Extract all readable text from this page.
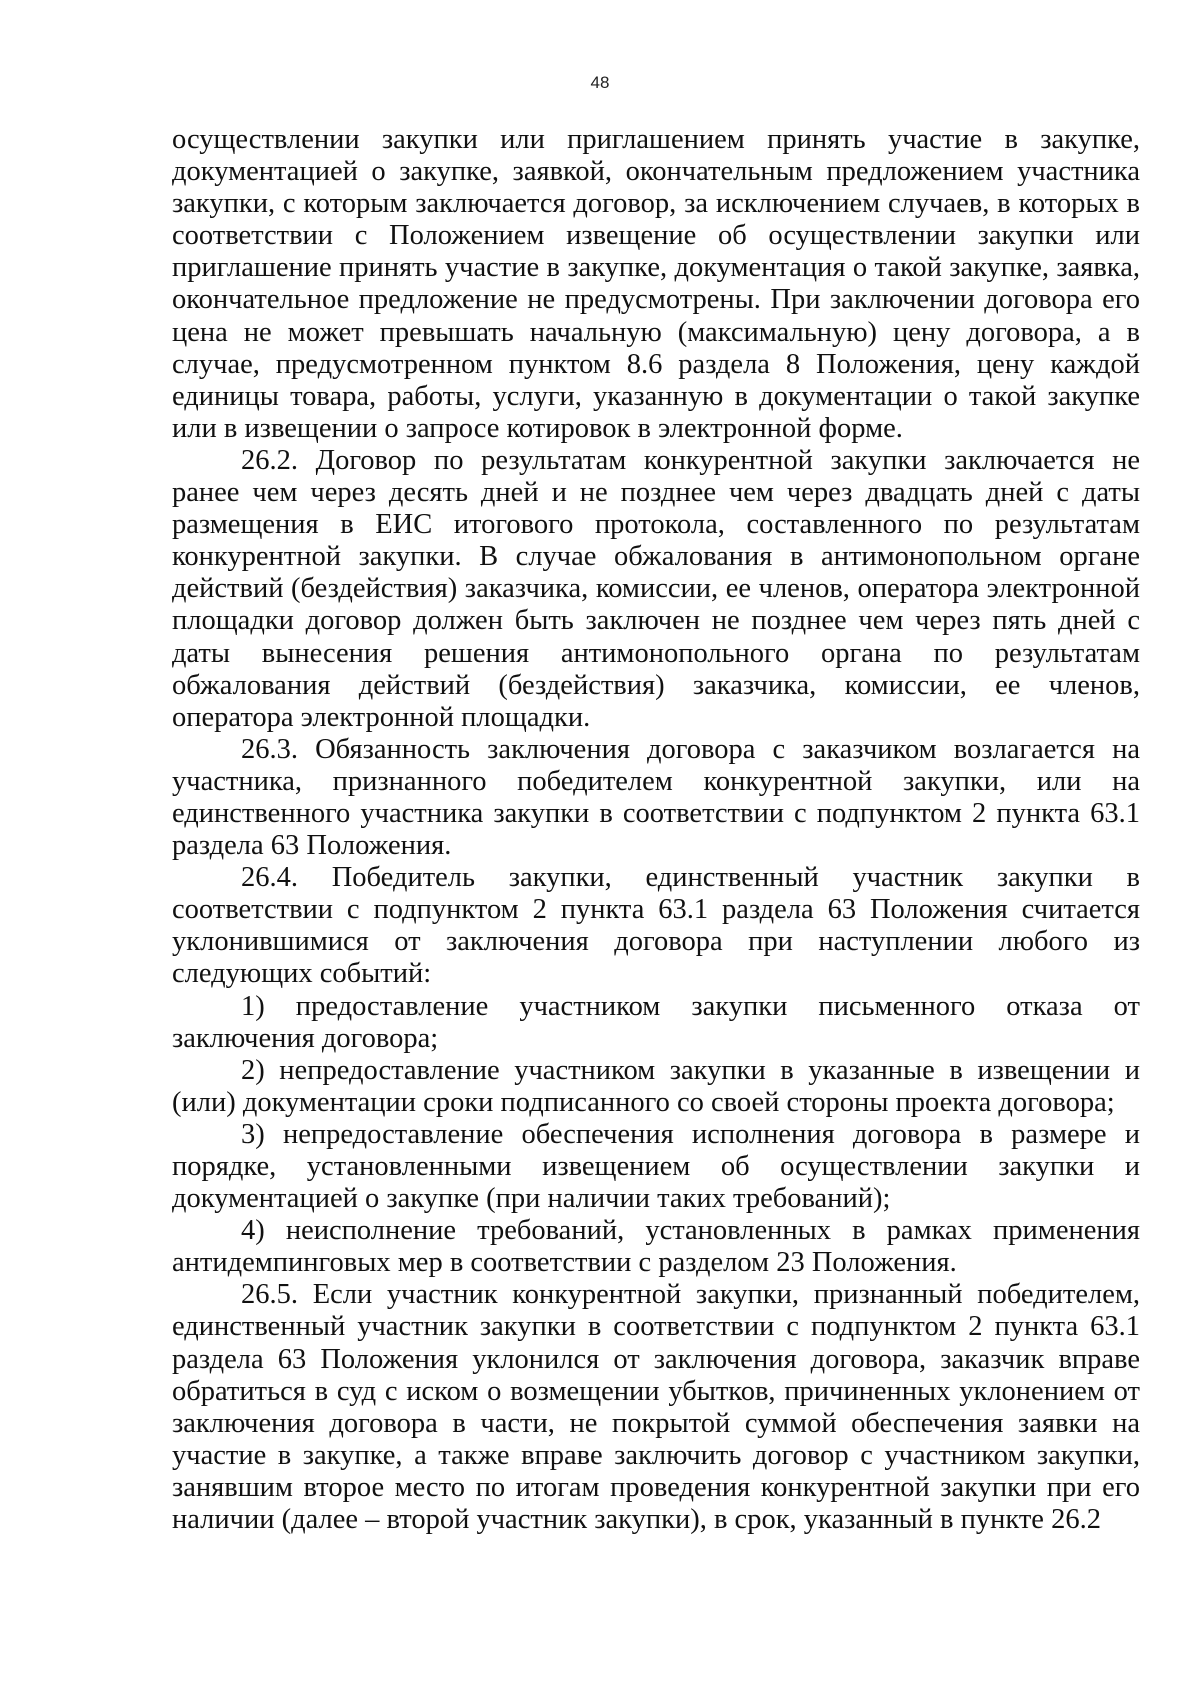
48

осуществлении закупки или приглашением принять участие в закупке, документацией о закупке, заявкой, окончательным предложением участника закупки, с которым заключается договор, за исключением случаев, в которых в соответствии с Положением извещение об осуществлении закупки или приглашение принять участие в закупке, документация о такой закупке, заявка, окончательное предложение не предусмотрены. При заключении договора его цена не может превышать начальную (максимальную) цену договора, а в случае, предусмотренном пунктом 8.6 раздела 8 Положения, цену каждой единицы товара, работы, услуги, указанную в документации о такой закупке или в извещении о запросе котировок в электронной форме.

26.2. Договор по результатам конкурентной закупки заключается не ранее чем через десять дней и не позднее чем через двадцать дней с даты размещения в ЕИС итогового протокола, составленного по результатам конкурентной закупки. В случае обжалования в антимонопольном органе действий (бездействия) заказчика, комиссии, ее членов, оператора электронной площадки договор должен быть заключен не позднее чем через пять дней с даты вынесения решения антимонопольного органа по результатам обжалования действий (бездействия) заказчика, комиссии, ее членов, оператора электронной площадки.

26.3. Обязанность заключения договора с заказчиком возлагается на участника, признанного победителем конкурентной закупки, или на единственного участника закупки в соответствии с подпунктом 2 пункта 63.1 раздела 63 Положения.

26.4. Победитель закупки, единственный участник закупки в соответствии с подпунктом 2 пункта 63.1 раздела 63 Положения считается уклонившимися от заключения договора при наступлении любого из следующих событий:

1) предоставление участником закупки письменного отказа от заключения договора;

2) непредоставление участником закупки в указанные в извещении и (или) документации сроки подписанного со своей стороны проекта договора;

3) непредоставление обеспечения исполнения договора в размере и порядке, установленными извещением об осуществлении закупки и документацией о закупке (при наличии таких требований);

4) неисполнение требований, установленных в рамках применения антидемпинговых мер в соответствии с разделом 23 Положения.

26.5. Если участник конкурентной закупки, признанный победителем, единственный участник закупки в соответствии с подпунктом 2 пункта 63.1 раздела 63 Положения уклонился от заключения договора, заказчик вправе обратиться в суд с иском о возмещении убытков, причиненных уклонением от заключения договора в части, не покрытой суммой обеспечения заявки на участие в закупке, а также вправе заключить договор с участником закупки, занявшим второе место по итогам проведения конкурентной закупки при его наличии (далее – второй участник закупки), в срок, указанный в пункте 26.2
